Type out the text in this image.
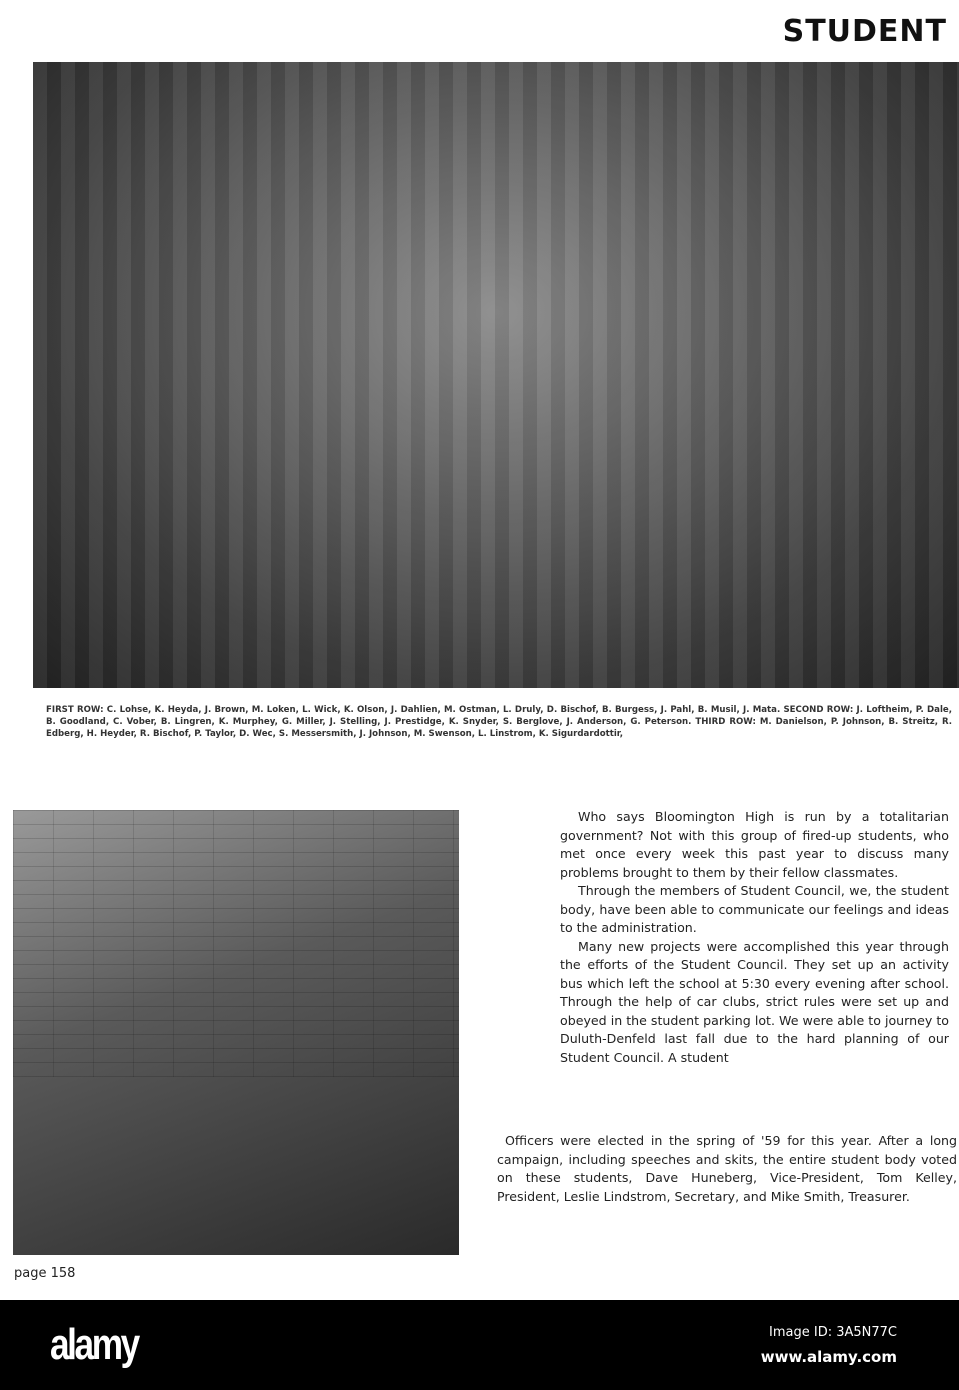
STUDENT
FIRST ROW: C. Lohse, K. Heyda, J. Brown, M. Loken, L. Wick, K. Olson, J. Dahlien, M. Ostman, L. Druly, D. Bischof, B. Burgess, J. Pahl, B. Musil, J. Mata. SECOND ROW: J. Loftheim, P. Dale, B. Goodland, C. Vober, B. Lingren, K. Murphey, G. Miller, J. Stelling, J. Prestidge, K. Snyder, S. Berglove, J. Anderson, G. Peterson. THIRD ROW: M. Danielson, P. Johnson, B. Streitz, R. Edberg, H. Heyder, R. Bischof, P. Taylor, D. Wec, S. Messersmith, J. Johnson, M. Swenson, L. Linstrom, K. Sigurdardottir,

Who says Bloomington High is run by a totalitarian government? Not with this group of fired-up students, who met once every week this past year to discuss many problems brought to them by their fellow classmates.

Through the members of Student Council, we, the student body, have been able to communicate our feelings and ideas to the administration.

Many new projects were accomplished this year through the efforts of the Student Council. They set up an activity bus which left the school at 5:30 every evening after school. Through the help of car clubs, strict rules were set up and obeyed in the student parking lot. We were able to journey to Duluth-Denfeld last fall due to the hard planning of our Student Council. A student

Officers were elected in the spring of '59 for this year. After a long campaign, including speeches and skits, the entire student body voted on these students, Dave Huneberg, Vice-President, Tom Kelley, President, Leslie Lindstrom, Secretary, and Mike Smith, Treasurer.
page 158
alamy	Image ID: 3A5N77C
www.alamy.com
